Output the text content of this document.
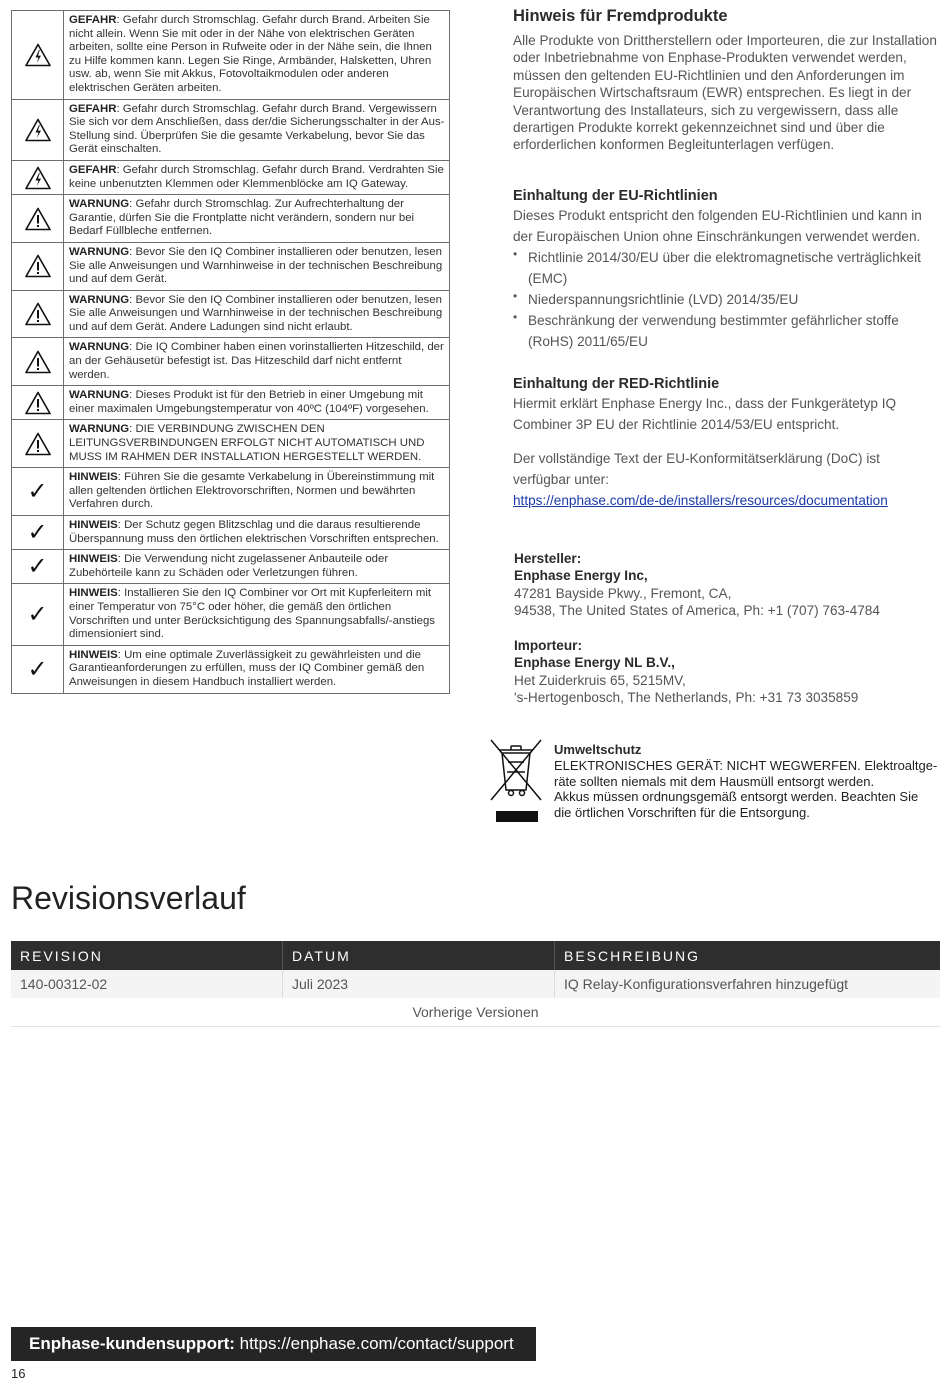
	GEFAHR: Gefahr durch Stromschlag. Gefahr durch Brand. Arbeiten Sie nicht allein. Wenn Sie mit oder in der Nähe von elektrischen Geräten arbeiten, sollte eine Person in Rufweite oder in der Nähe sein, die Ihnen zu Hilfe kommen kann. Legen Sie Ringe, Armbänder, Halsketten, Uhren usw. ab, wenn Sie mit Akkus, Fotovoltaikmodulen oder anderen elektrischen Geräten arbeiten.

	GEFAHR: Gefahr durch Stromschlag. Gefahr durch Brand. Vergewissern Sie sich vor dem Anschließen, dass der/die Sicherungsschalter in der Aus-Stellung sind. Überprüfen Sie die gesamte Verkabelung, bevor Sie das Gerät einschalten.

	GEFAHR: Gefahr durch Stromschlag. Gefahr durch Brand. Verdrahten Sie keine unbenutzten Klemmen oder Klemmenblöcke am IQ Gateway.

	WARNUNG: Gefahr durch Stromschlag. Zur Aufrechterhaltung der Garantie, dürfen Sie die Frontplatte nicht verändern, sondern nur bei Bedarf Füllbleche entfernen.

	WARNUNG: Bevor Sie den IQ Combiner installieren oder benutzen, lesen Sie alle Anweisungen und Warnhinweise in der technischen Beschreibung und auf dem Gerät.

	WARNUNG: Bevor Sie den IQ Combiner installieren oder benutzen, lesen Sie alle Anweisungen und Warnhinweise in der technischen Beschreibung und auf dem Gerät. Andere Ladungen sind nicht erlaubt.

	WARNUNG: Die IQ Combiner haben einen vorinstallierten Hitzeschild, der an der Gehäusetür befestigt ist. Das Hitzeschild darf nicht entfernt werden.

	WARNUNG: Dieses Produkt ist für den Betrieb in einer Umgebung mit einer maximalen Umgebungstemperatur von 40ºC (104ºF) vorgesehen.

	WARNUNG: DIE VERBINDUNG ZWISCHEN DEN LEITUNGSVERBINDUNGEN ERFOLGT NICHT AUTOMATISCH UND MUSS IM RAHMEN DER INSTALLATION HERGESTELLT WERDEN.
✓	HINWEIS: Führen Sie die gesamte Verkabelung in Übereinstimmung mit allen geltenden örtlichen Elektrovorschriften, Normen und bewährten Verfahren durch.
✓	HINWEIS: Der Schutz gegen Blitzschlag und die daraus resultierende Überspannung muss den örtlichen elektrischen Vorschriften entsprechen.
✓	HINWEIS: Die Verwendung nicht zugelassener Anbauteile oder Zubehörteile kann zu Schäden oder Verletzungen führen.
✓	HINWEIS: Installieren Sie den IQ Combiner vor Ort mit Kupferleitern mit einer Temperatur von 75°C oder höher, die gemäß den örtlichen Vorschriften und unter Berücksichtigung des Spannungsabfalls/-anstiegs dimensioniert sind.
✓	HINWEIS: Um eine optimale Zuverlässigkeit zu gewährleisten und die Garantieanforderungen zu erfüllen, muss der IQ Combiner gemäß den Anweisungen in diesem Handbuch installiert werden.
Hinweis für Fremdprodukte

Alle Produkte von Drittherstellern oder Importeuren, die zur Installation oder Inbetriebnahme von Enphase-Produkten verwendet werden, müssen den geltenden EU-Richtlinien und den Anforderungen im Europäischen Wirtschaftsraum (EWR) entsprechen. Es liegt in der Verantwortung des Installateurs, sich zu vergewissern, dass alle derartigen Produkte korrekt gekennzeichnet sind und über die erforderlichen konformen Begleitunterlagen verfügen.

Einhaltung der EU-Richtlinien

Dieses Produkt entspricht den folgenden EU-Richtlinien und kann in der Europäischen Union ohne Einschränkungen verwendet werden.

• Richtlinie 2014/30/EU über die elektromagnetische verträglichkeit (EMC)
• Niederspannungsrichtlinie (LVD) 2014/35/EU
• Beschränkung der verwendung bestimmter gefährlicher stoffe (RoHS) 2011/65/EU
Einhaltung der RED-Richtlinie

Hiermit erklärt Enphase Energy Inc., dass der Funkgerätetyp IQ Combiner 3P EU der Richtlinie 2014/53/EU entspricht.

Der vollständige Text der EU-Konformitätserklärung (DoC) ist verfügbar unter:

https://enphase.com/de-de/installers/resources/documentation
Hersteller:
Enphase Energy Inc,
47281 Bayside Pkwy., Fremont, CA,
94538, The United States of America, Ph: +1 (707) 763-4784
Importeur:
Enphase Energy NL B.V.,
Het Zuiderkruis 65, 5215MV,
's-Hertogenbosch, The Netherlands, Ph: +31 73 3035859
Umweltschutz
ELEKTRONISCHES GERÄT: NICHT WEGWERFEN. Elektroaltge-
räte sollten niemals mit dem Hausmüll entsorgt werden.
Akkus müssen ordnungsgemäß entsorgt werden. Beachten Sie
die örtlichen Vorschriften für die Entsorgung.
Revisionsverlauf
REVISION	DATUM	BESCHREIBUNG
140-00312-02	Juli 2023	IQ Relay-Konfigurationsverfahren hinzugefügt
Vorherige Versionen		
Enphase-kundensupport: https://enphase.com/contact/support
16
